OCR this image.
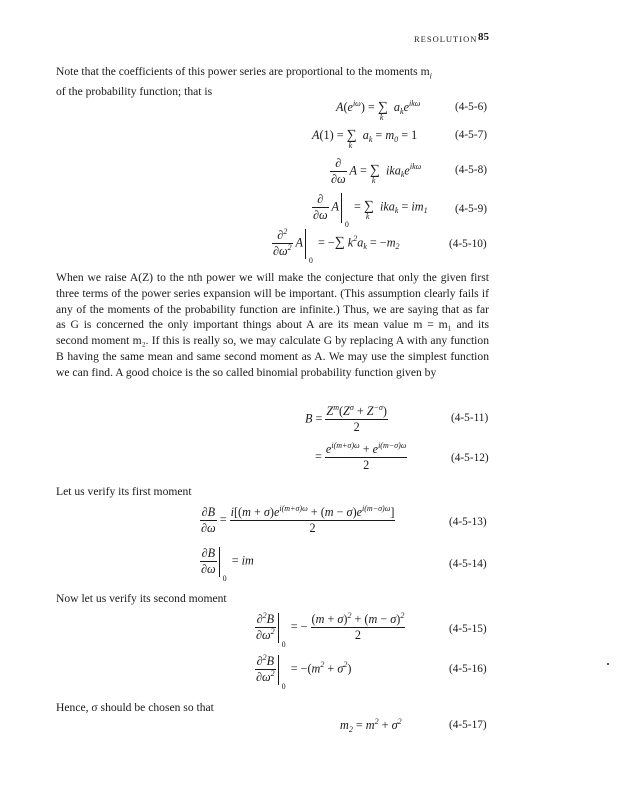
RESOLUTION 85
Note that the coefficients of this power series are proportional to the moments $m_i$
of the probability function; that is
$A(e^{i\omega})$ = ∑
k
$a_ke^{ik\omega}$	(4-5-6)
A(1) = ∑
k
$a_k = m_0 = 1$	(4-5-7)
$\frac{\partial}{\partial\omega}$ A = ∑
k
$ika_ke^{ik\omega}$	(4-5-8)
$\frac{\partial}{\partial\omega}$ A
0
= ∑
k
$ika_k = im_1$ (4-5-9)
$\frac{\partial^2}{\partial\omega^2}$ A
0
= −∑ $k^2a_k = -m_2$	(4-5-10)
When we raise A(Z) to the nth power we will make the conjecture that only the given first three terms of the power series expansion will be important. (This assumption clearly fails if any of the moments of the probability function are infinite.) Thus, we are saying that as far as G is concerned the only important things about A are its mean value m = m₁ and its second moment m₂. If this is really so, we may calculate G by replacing A with any function B having the same mean and same second moment as A. We may use the simplest function we can find. A good choice is the so called binomial probability function given by
$B = \frac{Z^m(Z^\sigma + Z^{-\sigma})}{2}$	(4-5-11)
= $\frac{e^{i(m+\sigma)\omega} + e^{i(m-\sigma)\omega}}{2}$	(4-5-12)
Let us verify its first moment
$\frac{\partial B}{\partial\omega} = \frac{i[(m + \sigma)e^{i(m+\sigma)\omega} + (m - \sigma)e^{i(m-\sigma)\omega}]}{2}$	(4-5-13)
$\frac{\partial B}{\partial\omega}$
0
= im	(4-5-14)
Now let us verify its second moment
$\frac{\partial^2B}{\partial\omega^2}$
0
= − $\frac{(m + \sigma)^2 + (m - \sigma)^2}{2}$	(4-5-15)
$\frac{\partial^2B}{\partial\omega^2}$
0
= $-(m^2 + \sigma^2)$	(4-5-16)
Hence, σ should be chosen so that
$m_2 = m^2 + \sigma^2$	(4-5-17)
